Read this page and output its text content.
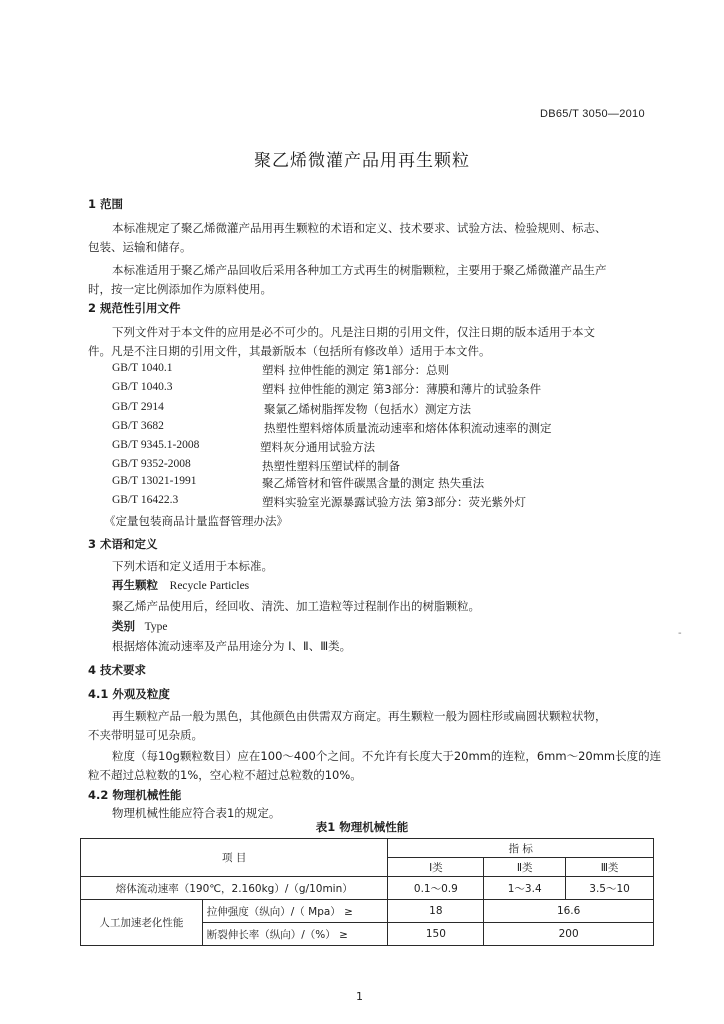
DB65/T 3050—2010
聚乙烯微灌产品用再生颗粒
1 范围
本标准规定了聚乙烯微灌产品用再生颗粒的术语和定义、技术要求、试验方法、检验规则、标志、
包装、运输和储存。
本标准适用于聚乙烯产品回收后采用各种加工方式再生的树脂颗粒，主要用于聚乙烯微灌产品生产
时，按一定比例添加作为原料使用。
2 规范性引用文件
下列文件对于本文件的应用是必不可少的。凡是注日期的引用文件，仅注日期的版本适用于本文
件。凡是不注日期的引用文件，其最新版本（包括所有修改单）适用于本文件。
GB/T 1040.1	塑料 拉伸性能的测定 第1部分：总则
GB/T 1040.3	塑料 拉伸性能的测定 第3部分：薄膜和薄片的试验条件
GB/T 2914	聚氯乙烯树脂挥发物（包括水）测定方法
GB/T 3682	热塑性塑料熔体质量流动速率和熔体体积流动速率的测定
GB/T 9345.1-2008	塑料灰分通用试验方法
GB/T 9352-2008	热塑性塑料压塑试样的制备
GB/T 13021-1991	聚乙烯管材和管件碳黑含量的测定 热失重法
GB/T 16422.3	塑料实验室光源暴露试验方法 第3部分：荧光紫外灯
《定量包装商品计量监督管理办法》
3 术语和定义
下列术语和定义适用于本标准。
再生颗粒 Recycle Particles
聚乙烯产品使用后，经回收、清洗、加工造粒等过程制作出的树脂颗粒。
类别 Type
根据熔体流动速率及产品用途分为 Ⅰ、Ⅱ、Ⅲ类。
-
4 技术要求
4.1 外观及粒度
再生颗粒产品一般为黑色，其他颜色由供需双方商定。再生颗粒一般为圆柱形或扁圆状颗粒状物，
不夹带明显可见杂质。
粒度（每10g颗粒数目）应在100～400个之间。不允许有长度大于20mm的连粒，6mm～20mm长度的连
粒不超过总粒数的1%，空心粒不超过总粒数的10%。
4.2 物理机械性能
物理机械性能应符合表1的规定。
表1 物理机械性能
项 目		指 标		
		Ⅰ类	Ⅱ类	Ⅲ类
熔体流动速率（190℃，2.160kg）/（g/10min）		0.1～0.9	1～3.4	3.5～10
人工加速老化性能	拉伸强度（纵向）/（ Mpa） ≥	18	16.6	
	断裂伸长率（纵向）/（%） ≥	150	200	
1
